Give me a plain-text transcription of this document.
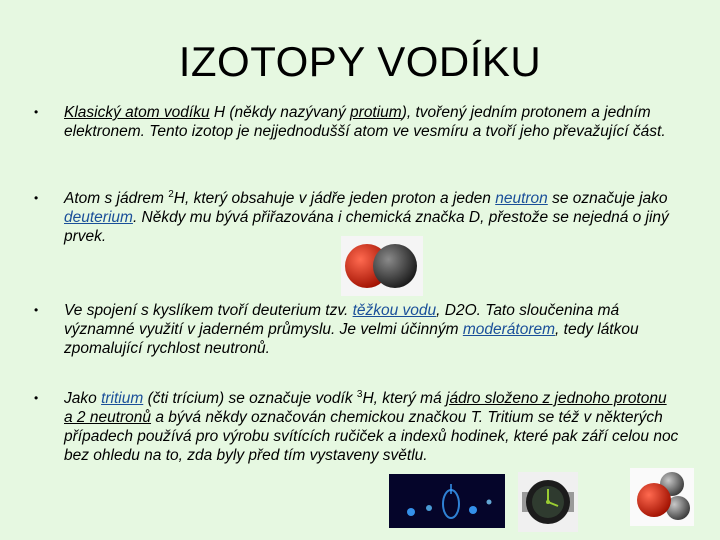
IZOTOPY VODÍKU
• Klasický atom vodíku H (někdy nazývaný protium), tvořený jedním protonem a jedním elektronem. Tento izotop je nejjednodušší atom ve vesmíru a tvoří jeho převažující část.
• Atom s jádrem $^2$H, který obsahuje v jádře jeden proton a jeden neutron se označuje jako deuterium. Někdy mu bývá přiřazována i chemická značka D, přestože se nejedná o jiný prvek.
• Ve spojení s kyslíkem tvoří deuterium tzv. těžkou vodu, D2O. Tato sloučenina má významné využití v jaderném průmyslu. Je velmi účinným moderátorem, tedy látkou zpomalující rychlost neutronů.
• Jako tritium (čti trícium) se označuje vodík $^3$H, který má jádro složeno z jednoho protonu a 2 neutronů a bývá někdy označován chemickou značkou T. Tritium se též v některých případech používá pro výrobu svítících ručiček a indexů hodinek, které pak září celou noc bez ohledu na to, zda byly před tím vystaveny světlu.
